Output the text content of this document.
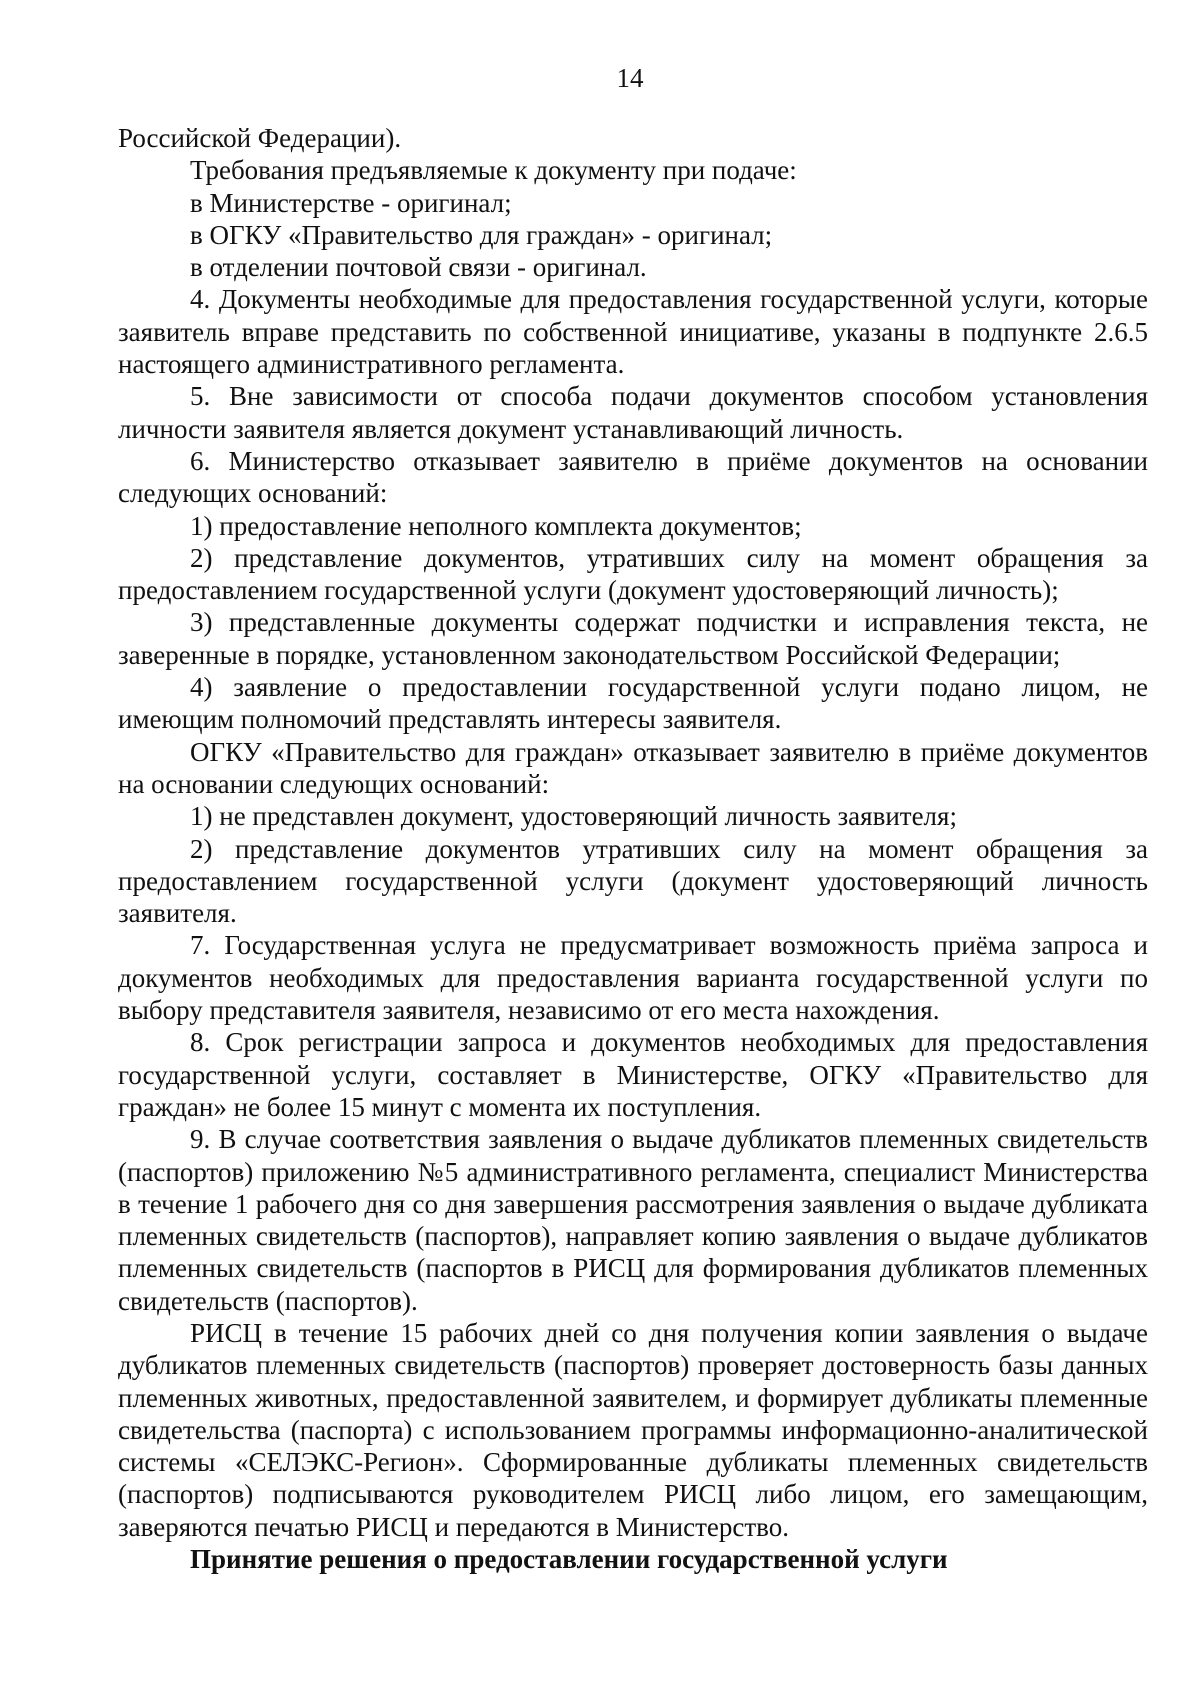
14

Российской Федерации).

Требования предъявляемые к документу при подаче:

в Министерстве - оригинал;

в ОГКУ «Правительство для граждан» - оригинал;

в отделении почтовой связи - оригинал.

4. Документы необходимые для предоставления государственной услуги, которые заявитель вправе представить по собственной инициативе, указаны в подпункте 2.6.5 настоящего административного регламента.

5. Вне зависимости от способа подачи документов способом установления личности заявителя является документ устанавливающий личность.

6. Министерство отказывает заявителю в приёме документов на основании следующих оснований:

1) предоставление неполного комплекта документов;

2) представление документов, утративших силу на момент обращения за предоставлением государственной услуги (документ удостоверяющий личность);

3) представленные документы содержат подчистки и исправления текста, не заверенные в порядке, установленном законодательством Российской Федерации;

4) заявление о предоставлении государственной услуги подано лицом, не имеющим полномочий представлять интересы заявителя.

ОГКУ «Правительство для граждан» отказывает заявителю в приёме документов на основании следующих оснований:

1) не представлен документ, удостоверяющий личность заявителя;

2) представление документов утративших силу на момент обращения за предоставлением государственной услуги (документ удостоверяющий личность заявителя.

7. Государственная услуга не предусматривает возможность приёма запроса и документов необходимых для предоставления варианта государственной услуги по выбору представителя заявителя, независимо от его места нахождения.

8. Срок регистрации запроса и документов необходимых для предоставления государственной услуги, составляет в Министерстве, ОГКУ «Правительство для граждан» не более 15 минут с момента их поступления.

9. В случае соответствия заявления о выдаче дубликатов племенных свидетельств (паспортов) приложению №5 административного регламента, специалист Министерства в течение 1 рабочего дня со дня завершения рассмотрения заявления о выдаче дубликата племенных свидетельств (паспортов), направляет копию заявления о выдаче дубликатов племенных свидетельств (паспортов в РИСЦ для формирования дубликатов племенных свидетельств (паспортов).

РИСЦ в течение 15 рабочих дней со дня получения копии заявления о выдаче дубликатов племенных свидетельств (паспортов) проверяет достоверность базы данных племенных животных, предоставленной заявителем, и формирует дубликаты племенные свидетельства (паспорта) с использованием программы информационно-аналитической системы «СЕЛЭКС-Регион». Сформированные дубликаты племенных свидетельств (паспортов) подписываются руководителем РИСЦ либо лицом, его замещающим, заверяются печатью РИСЦ и передаются в Министерство.

Принятие решения о предоставлении государственной услуги
